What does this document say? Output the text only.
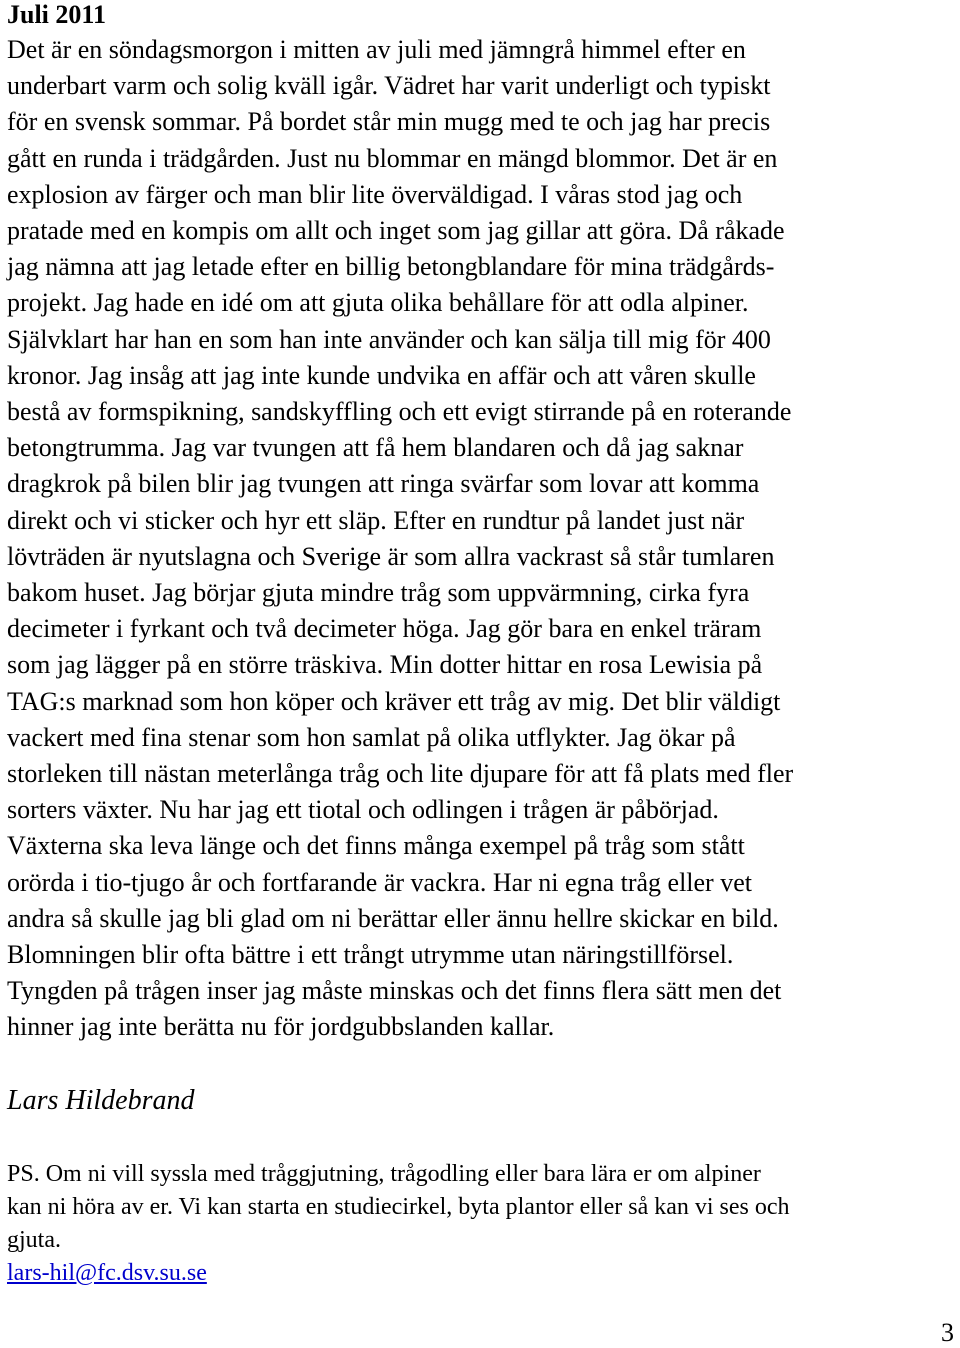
Juli 2011
Det är en söndagsmorgon i mitten av juli med jämngrå himmel efter en
underbart varm och solig kväll igår. Vädret har varit underligt och typiskt
för en svensk sommar. På bordet står min mugg med te och jag har precis
gått en runda i trädgården. Just nu blommar en mängd blommor. Det är en
explosion av färger och man blir lite överväldigad. I våras stod jag och
pratade med en kompis om allt och inget som jag gillar att göra. Då råkade
jag nämna att jag letade efter en billig betongblandare för mina trädgårds-
projekt. Jag hade en idé om att gjuta olika behållare för att odla alpiner.
Självklart har han en som han inte använder och kan sälja till mig för 400
kronor. Jag insåg att jag inte kunde undvika en affär och att våren skulle
bestå av formspikning, sandskyffling och ett evigt stirrande på en roterande
betongtrumma. Jag var tvungen att få hem blandaren och då jag saknar
dragkrok på bilen blir jag tvungen att ringa svärfar som lovar att komma
direkt och vi sticker och hyr ett släp. Efter en rundtur på landet just när
lövträden är nyutslagna och Sverige är som allra vackrast så står tumlaren
bakom huset. Jag börjar gjuta mindre tråg som uppvärmning, cirka fyra
decimeter i fyrkant och två decimeter höga. Jag gör bara en enkel träram
som jag lägger på en större träskiva. Min dotter hittar en rosa Lewisia på
TAG:s marknad som hon köper och kräver ett tråg av mig. Det blir väldigt
vackert med fina stenar som hon samlat på olika utflykter. Jag ökar på
storleken till nästan meterlånga tråg och lite djupare för att få plats med fler
sorters växter. Nu har jag ett tiotal och odlingen i trågen är påbörjad.
Växterna ska leva länge och det finns många exempel på tråg som stått
orörda i tio-tjugo år och fortfarande är vackra. Har ni egna tråg eller vet
andra så skulle jag bli glad om ni berättar eller ännu hellre skickar en bild.
Blomningen blir ofta bättre i ett trångt utrymme utan näringstillförsel.
Tyngden på trågen inser jag måste minskas och det finns flera sätt men det
hinner jag inte berätta nu för jordgubbslanden kallar.
Lars Hildebrand
PS. Om ni vill syssla med tråggjutning, trågodling eller bara lära er om alpiner
kan ni höra av er. Vi kan starta en studiecirkel, byta plantor eller så kan vi ses och
gjuta.
lars-hil@fc.dsv.su.se
3
